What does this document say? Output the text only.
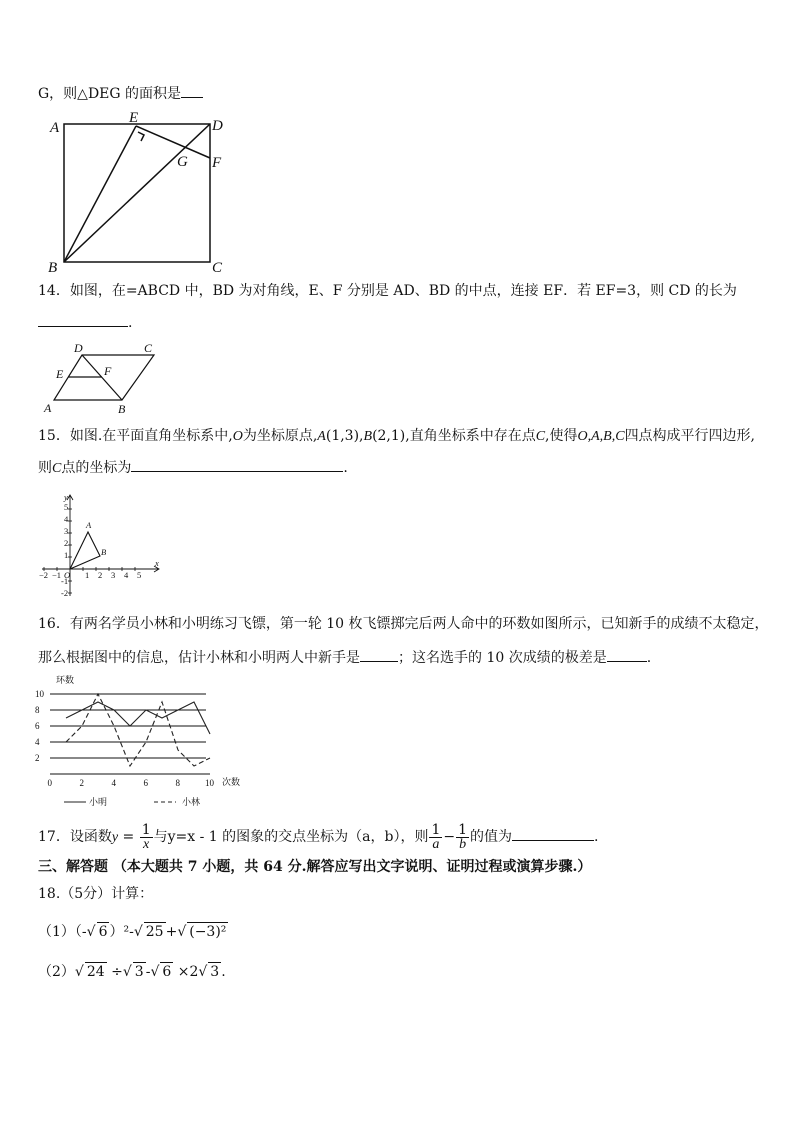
G，则△DEG 的面积是
A
E	D
G F
B	C
14．如图，在=ABCD 中，BD 为对角线，E、F 分别是 AD、BD 的中点，连接 EF．若 EF=3，则 CD 的长为
.
D	C
E	F
A	B
15．如图.在平面直角坐标系中,O为坐标原点,A(1,3),B(2,1),直角坐标系中存在点C,使得O,A,B,C四点构成平行四边形,
则C点的坐标为	.
y
x
5
4
3
2
1
-1
-2
−2 −1 O 1 2 3 4 5
A
B
16．有两名学员小林和小明练习飞镖，第一轮 10 枚飞镖掷完后两人命中的环数如图所示，已知新手的成绩不太稳定，
那么根据图中的信息，估计小林和小明两人中新手是	；这名选手的 10 次成绩的极差是	.
环数
次数
2
4
6
8
10
0	2	4	6	8	10
小明	小林
17．设函数$y = \frac{1}{x}$ 与y=x - 1 的图象的交点坐标为（a，b），则 $\frac{1}{a} - \frac{1}{b}$ 的值为	.
三、解答题 （本大题共 7 小题，共 64 分.解答应写出文字说明、证明过程或演算步骤.）
18.（5分）计算：
（1）（-√ 6 ）²-√ 25 +√ (−3)²
（2）√ 24 ÷√ 3 -√ 6 ×2√ 3 .
